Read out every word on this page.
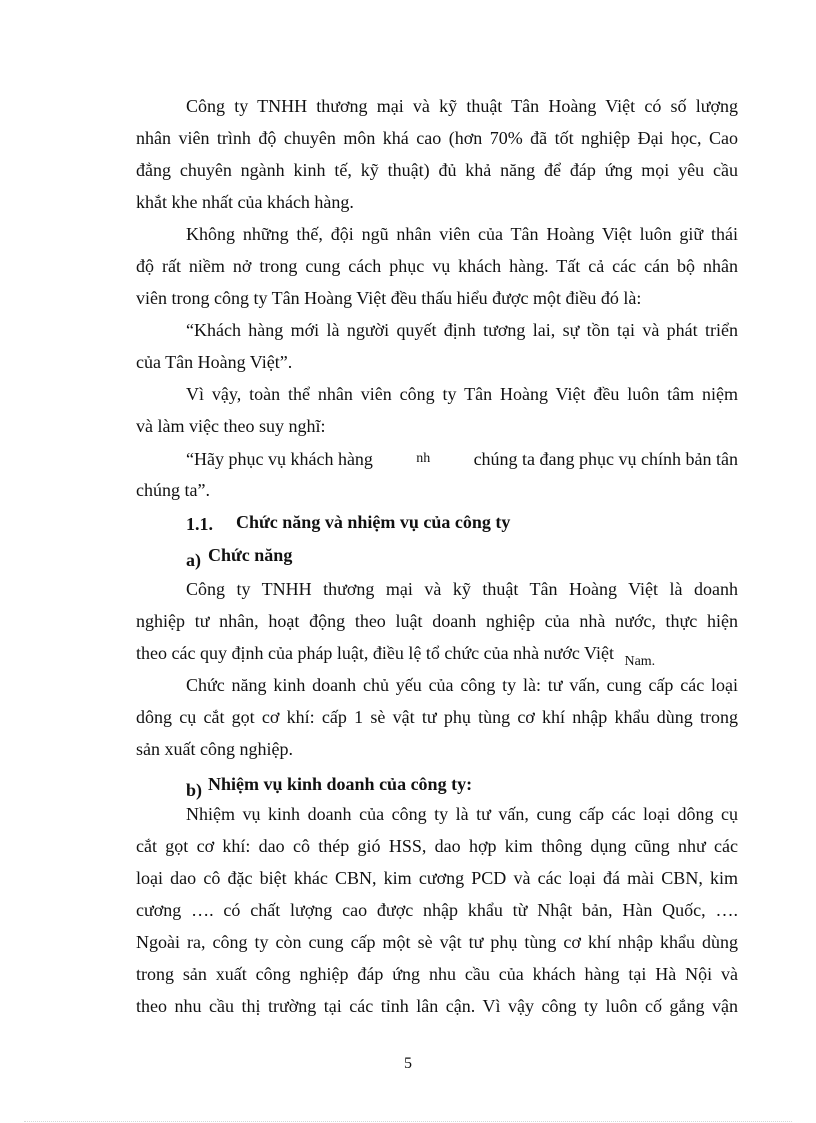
Công ty TNHH thương mại và kỹ thuật Tân Hoàng Việt có số lượng
nhân viên trình độ chuyên môn khá cao (hơn 70% đã tốt nghiệp Đại học, Cao
đẳng chuyên ngành kinh tế, kỹ thuật) đủ khả năng để đáp ứng mọi yêu cầu
khắt khe nhất của khách hàng.
Không những thế, đội ngũ nhân viên của Tân Hoàng Việt luôn giữ thái
độ rất niềm nở trong cung cách phục vụ khách hàng. Tất cả các cán bộ nhân
viên trong công ty Tân Hoàng Việt đều thấu hiểu được một điều đó là:
“Khách hàng mới là người quyết định tương lai, sự tồn tại và phát triển
của Tân Hoàng Việt”.
Vì vậy, toàn thể nhân viên công ty Tân Hoàng Việt đều luôn tâm niệm
và làm việc theo suy nghĩ:
“Hãy phục vụ khách hàng	nh chúng ta đang phục vụ chính bản tân
chúng ta”.
1.1. Chức năng và nhiệm vụ của công ty
a) Chức năng
Công ty TNHH thương mại và kỹ thuật Tân Hoàng Việt là doanh
nghiệp tư nhân, hoạt động theo luật doanh nghiệp của nhà nước, thực hiện
theo các quy định của pháp luật, điều lệ tổ chức của nhà nước Việt $_{Nam.}$
Chức năng kinh doanh chủ yếu của công ty là: tư vấn, cung cấp các loại
dông cụ cắt gọt cơ khí: cấp 1 sè vật tư phụ tùng cơ khí nhập khẩu dùng trong
sản xuất công nghiệp.
b) Nhiệm vụ kinh doanh của công ty:
Nhiệm vụ kinh doanh của công ty là tư vấn, cung cấp các loại dông cụ
cắt gọt cơ khí: dao cô thép gió HSS, dao hợp kim thông dụng cũng như các
loại dao cô đặc biệt khác CBN, kim cương PCD và các loại đá mài CBN, kim
cương …. có chất lượng cao được nhập khẩu từ Nhật bản, Hàn Quốc, ….
Ngoài ra, công ty còn cung cấp một sè vật tư phụ tùng cơ khí nhập khẩu dùng
trong sản xuất công nghiệp đáp ứng nhu cầu của khách hàng tại Hà Nội và
theo nhu cầu thị trường tại các tỉnh lân cận. Vì vậy công ty luôn cố gắng vận
5
